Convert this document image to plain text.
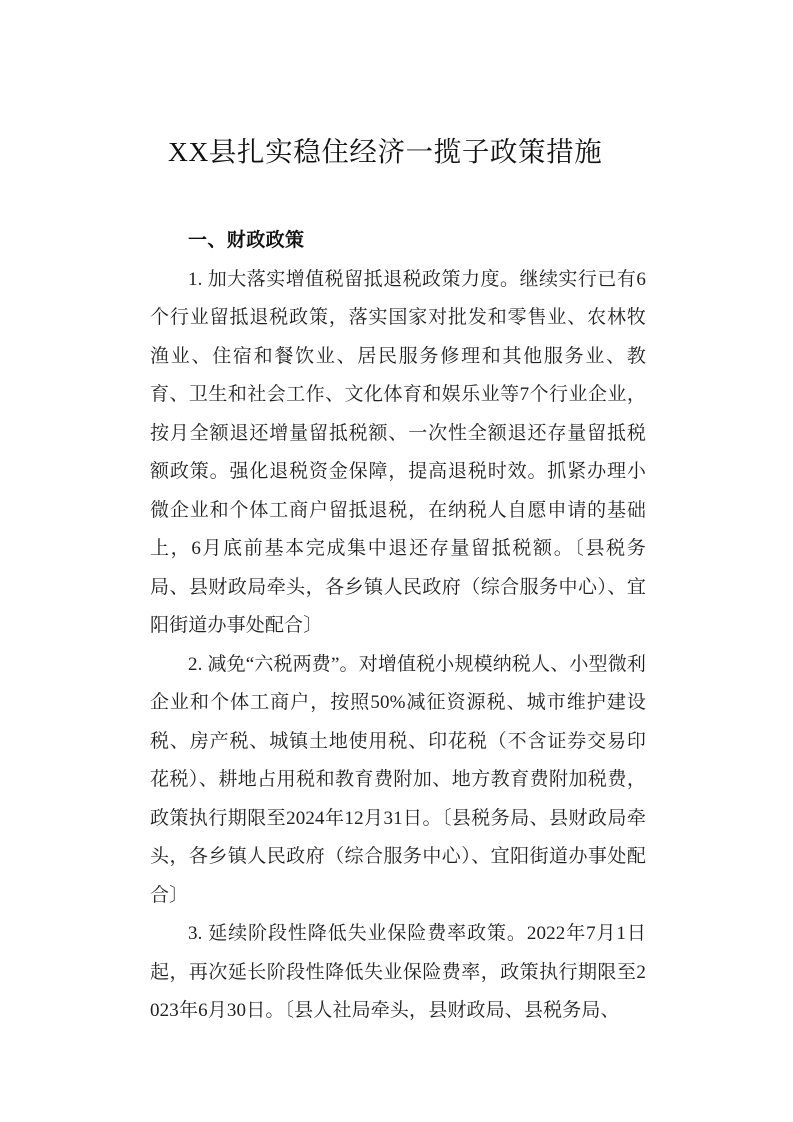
XX县扎实稳住经济一揽子政策措施
一、财政政策

1. 加大落实增值税留抵退税政策力度。继续实行已有6个行业留抵退税政策，落实国家对批发和零售业、农林牧渔业、住宿和餐饮业、居民服务修理和其他服务业、教育、卫生和社会工作、文化体育和娱乐业等7个行业企业，按月全额退还增量留抵税额、一次性全额退还存量留抵税额政策。强化退税资金保障，提高退税时效。抓紧办理小微企业和个体工商户留抵退税，在纳税人自愿申请的基础上，6月底前基本完成集中退还存量留抵税额。〔县税务局、县财政局牵头，各乡镇人民政府（综合服务中心）、宜阳街道办事处配合〕

2. 减免“六税两费”。对增值税小规模纳税人、小型微利企业和个体工商户，按照50%减征资源税、城市维护建设税、房产税、城镇土地使用税、印花税（不含证券交易印花税）、耕地占用税和教育费附加、地方教育费附加税费，政策执行期限至2024年12月31日。〔县税务局、县财政局牵头，各乡镇人民政府（综合服务中心）、宜阳街道办事处配合〕

3. 延续阶段性降低失业保险费率政策。2022年7月1日起，再次延长阶段性降低失业保险费率，政策执行期限至2023年6月30日。〔县人社局牵头，县财政局、县税务局、
